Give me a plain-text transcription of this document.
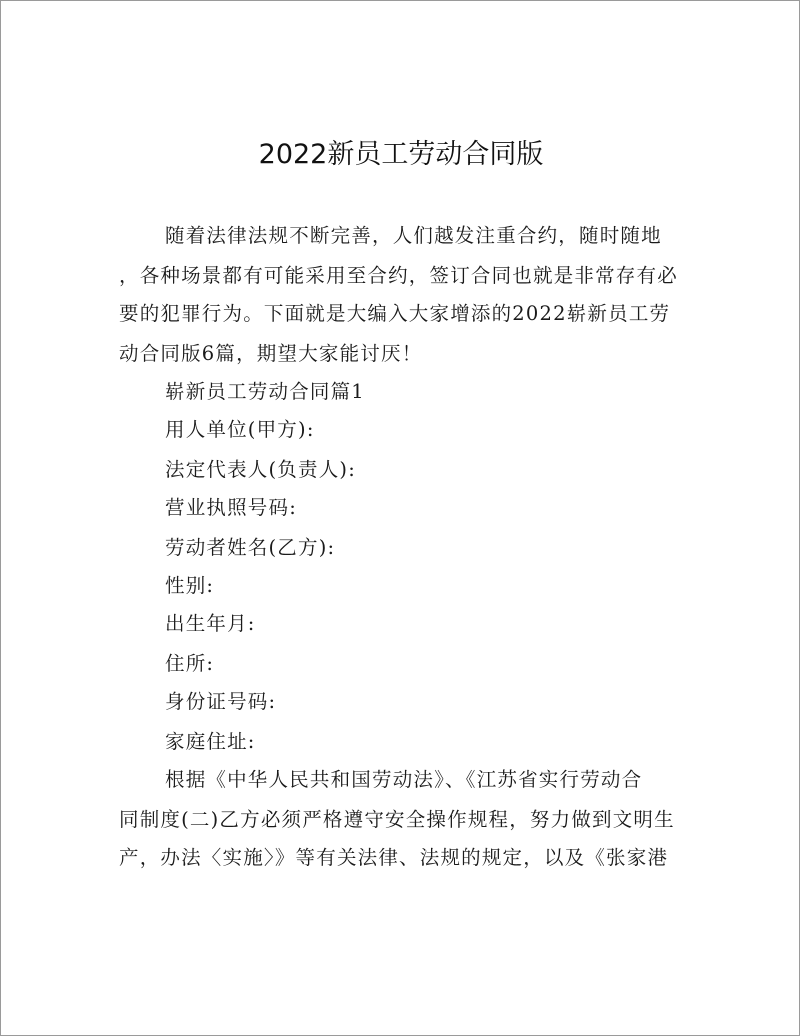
2022新员工劳动合同版
随着法律法规不断完善，人们越发注重合约，随时随地
，各种场景都有可能采用至合约，签订合同也就是非常存有必
要的犯罪行为。下面就是大编入大家增添的2022崭新员工劳
动合同版6篇，期望大家能讨厌！
崭新员工劳动合同篇1
用人单位(甲方):
法定代表人(负责人):
营业执照号码:
劳动者姓名(乙方):
性别:
出生年月:
住所:
身份证号码:
家庭住址:
根据《中华人民共和国劳动法》、《江苏省实行劳动合
同制度(二)乙方必须严格遵守安全操作规程，努力做到文明生
产，办法〈实施〉》等有关法律、法规的规定，以及《张家港
